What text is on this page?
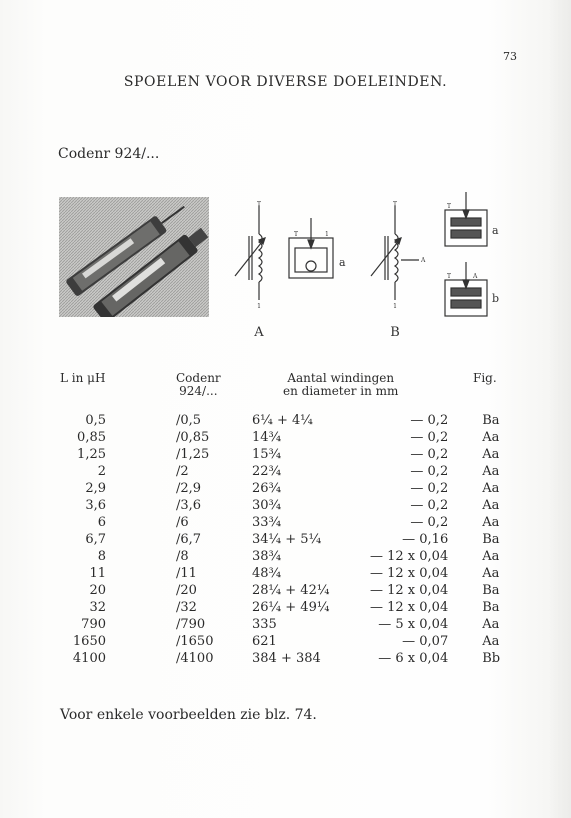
73
SPOELEN VOOR DIVERSE DOELEINDEN.
Codenr 924/...
T
1
T	1
a
A
T
1
A
T
T	A
a
b
B
L in μH	Codenr
924/...
Aantal windingen
en diameter in mm
Fig.
0,5	/0,5	6¼ + 4¼	— 0,2	Ba
0,85	/0,85	14¾	— 0,2	Aa
1,25	/1,25	15¾	— 0,2	Aa
2	/2	22¾	— 0,2	Aa
2,9	/2,9	26¾	— 0,2	Aa
3,6	/3,6	30¾	— 0,2	Aa
6	/6	33¾	— 0,2	Aa
6,7	/6,7	34¼ + 5¼	— 0,16	Ba
8	/8	38¾	— 12 x 0,04	Aa
11	/11	48¾	— 12 x 0,04	Aa
20	/20	28¼ + 42¼	— 12 x 0,04	Ba
32	/32	26¼ + 49¼	— 12 x 0,04	Ba
790	/790	335	— 5 x 0,04	Aa
1650	/1650	621	— 0,07	Aa
4100	/4100	384 + 384	— 6 x 0,04	Bb
Voor enkele voorbeelden zie blz. 74.
